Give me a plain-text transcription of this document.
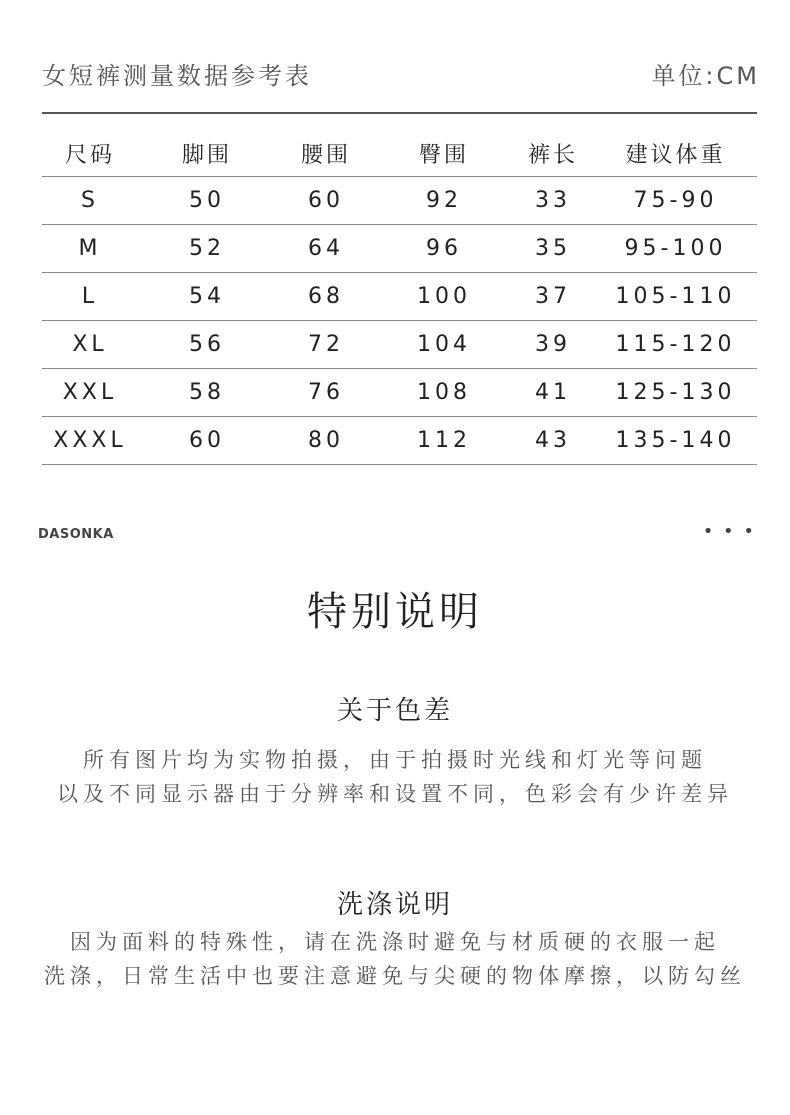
女短裤测量数据参考表	单位:CM
尺码	脚围	腰围	臀围	裤长	建议体重
S	50	60	92	33	75-90
M	52	64	96	35	95-100
L	54	68	100	37	105-110
XL	56	72	104	39	115-120
XXL	58	76	108	41	125-130
XXXL	60	80	112	43	135-140
DASONKA	• • •
特别说明
关于色差
所有图片均为实物拍摄，由于拍摄时光线和灯光等问题
以及不同显示器由于分辨率和设置不同，色彩会有少许差异
洗涤说明
因为面料的特殊性，请在洗涤时避免与材质硬的衣服一起
洗涤，日常生活中也要注意避免与尖硬的物体摩擦，以防勾丝
